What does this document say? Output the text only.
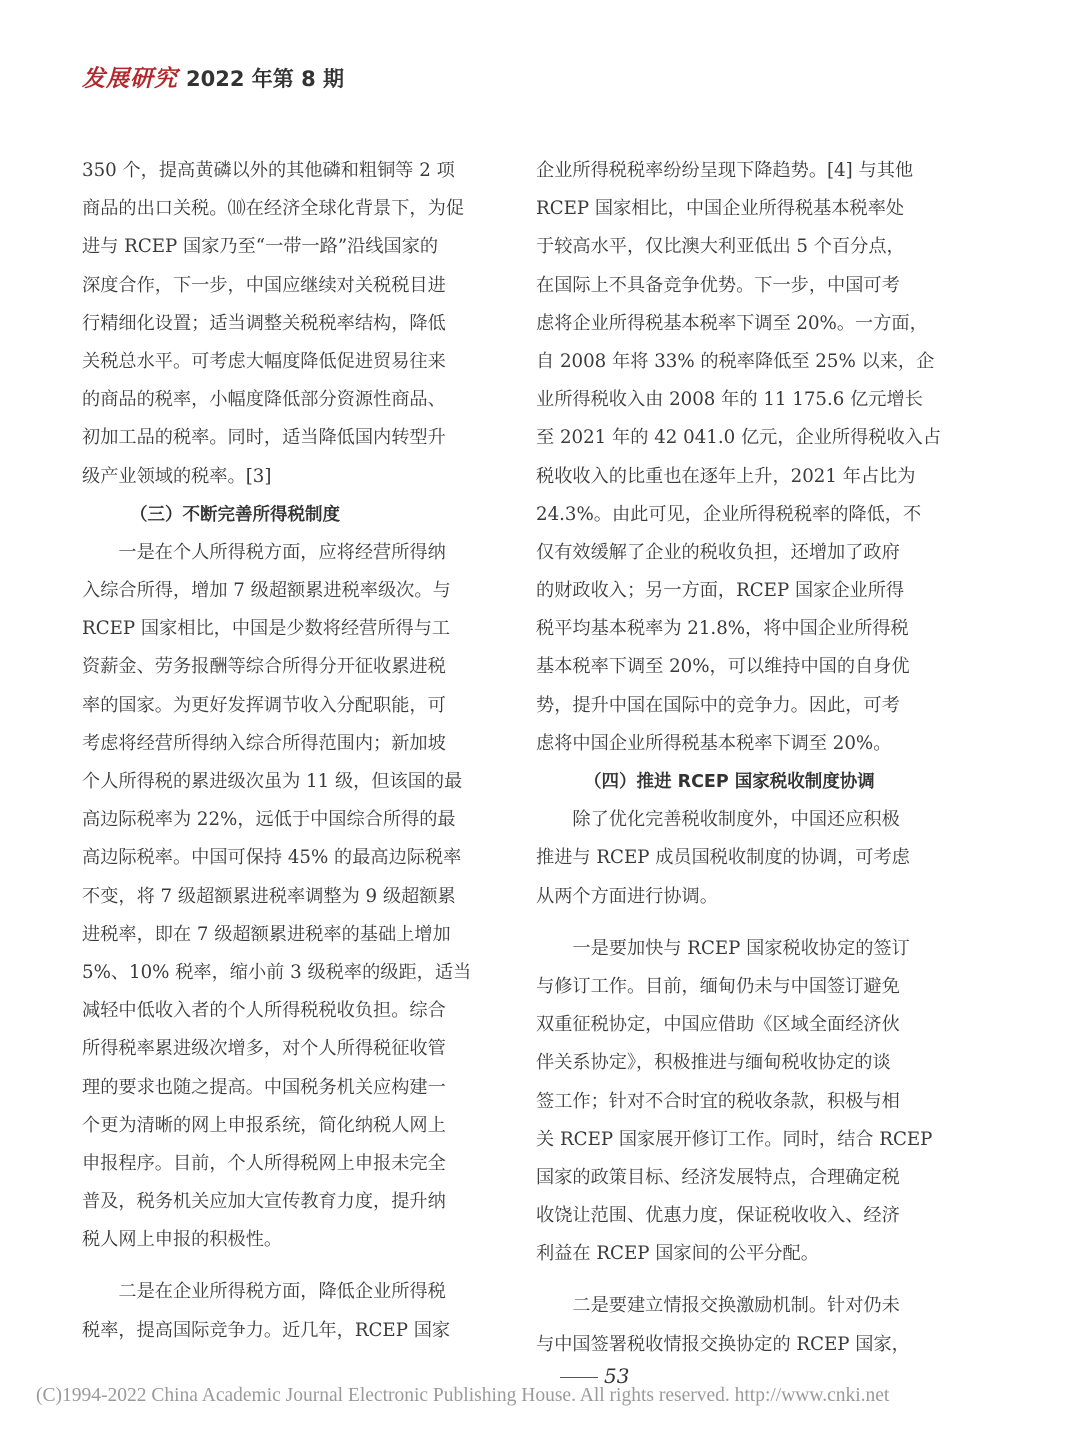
发展研究 2022 年第 8 期
350 个，提高黄磷以外的其他磷和粗铜等 2 项
商品的出口关税。⑽在经济全球化背景下，为促
进与 RCEP 国家乃至“一带一路”沿线国家的
深度合作，下一步，中国应继续对关税税目进
行精细化设置；适当调整关税税率结构，降低
关税总水平。可考虑大幅度降低促进贸易往来
的商品的税率，小幅度降低部分资源性商品、
初加工品的税率。同时，适当降低国内转型升
级产业领域的税率。[3]
（三）不断完善所得税制度
　　一是在个人所得税方面，应将经营所得纳
入综合所得，增加 7 级超额累进税率级次。与
RCEP 国家相比，中国是少数将经营所得与工
资薪金、劳务报酬等综合所得分开征收累进税
率的国家。为更好发挥调节收入分配职能，可
考虑将经营所得纳入综合所得范围内；新加坡
个人所得税的累进级次虽为 11 级，但该国的最
高边际税率为 22%，远低于中国综合所得的最
高边际税率。中国可保持 45% 的最高边际税率
不变，将 7 级超额累进税率调整为 9 级超额累
进税率，即在 7 级超额累进税率的基础上增加
5%、10% 税率，缩小前 3 级税率的级距，适当
减轻中低收入者的个人所得税税收负担。综合
所得税率累进级次增多，对个人所得税征收管
理的要求也随之提高。中国税务机关应构建一
个更为清晰的网上申报系统，简化纳税人网上
申报程序。目前，个人所得税网上申报未完全
普及，税务机关应加大宣传教育力度，提升纳
税人网上申报的积极性。
　　二是在企业所得税方面，降低企业所得税
税率，提高国际竞争力。近几年，RCEP 国家
企业所得税税率纷纷呈现下降趋势。[4] 与其他
RCEP 国家相比，中国企业所得税基本税率处
于较高水平，仅比澳大利亚低出 5 个百分点，
在国际上不具备竞争优势。下一步，中国可考
虑将企业所得税基本税率下调至 20%。一方面，
自 2008 年将 33% 的税率降低至 25% 以来，企
业所得税收入由 2008 年的 11 175.6 亿元增长
至 2021 年的 42 041.0 亿元，企业所得税收入占
税收收入的比重也在逐年上升，2021 年占比为
24.3%。由此可见，企业所得税税率的降低，不
仅有效缓解了企业的税收负担，还增加了政府
的财政收入；另一方面，RCEP 国家企业所得
税平均基本税率为 21.8%，将中国企业所得税
基本税率下调至 20%，可以维持中国的自身优
势，提升中国在国际中的竞争力。因此，可考
虑将中国企业所得税基本税率下调至 20%。
（四）推进 RCEP 国家税收制度协调
　　除了优化完善税收制度外，中国还应积极
推进与 RCEP 成员国税收制度的协调，可考虑
从两个方面进行协调。
　　一是要加快与 RCEP 国家税收协定的签订
与修订工作。目前，缅甸仍未与中国签订避免
双重征税协定，中国应借助《区域全面经济伙
伴关系协定》，积极推进与缅甸税收协定的谈
签工作；针对不合时宜的税收条款，积极与相
关 RCEP 国家展开修订工作。同时，结合 RCEP
国家的政策目标、经济发展特点，合理确定税
收饶让范围、优惠力度，保证税收收入、经济
利益在 RCEP 国家间的公平分配。
　　二是要建立情报交换激励机制。针对仍未
与中国签署税收情报交换协定的 RCEP 国家，
53
(C)1994-2022 China Academic Journal Electronic Publishing House. All rights reserved. http://www.cnki.net
